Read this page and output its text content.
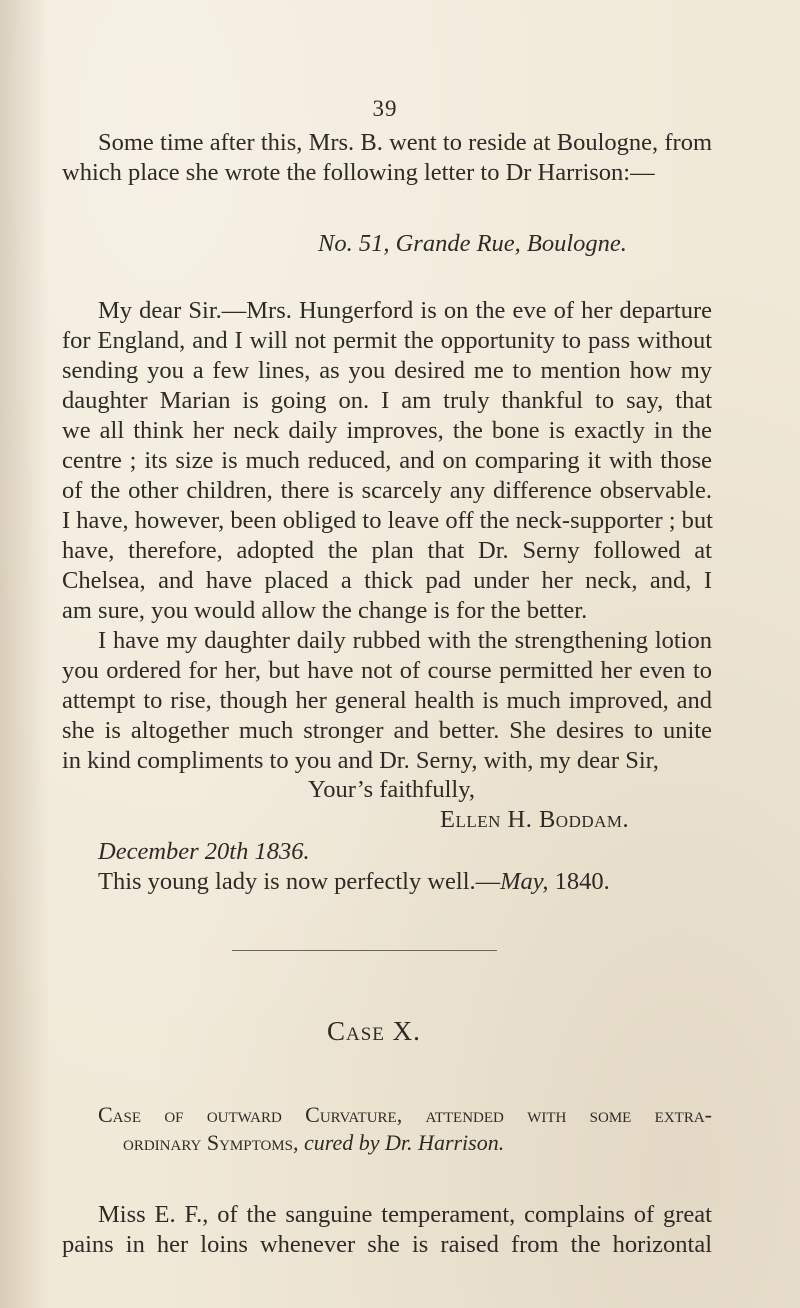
39
Some time after this, Mrs. B. went to reside at Boulogne, from
which place she wrote the following letter to Dr Harrison:—
No. 51, Grande Rue, Boulogne.
My dear Sir.—Mrs. Hungerford is on the eve of her departure
for England, and I will not permit the opportunity to pass without
sending you a few lines, as you desired me to mention how my
daughter Marian is going on. I am truly thankful to say, that
we all think her neck daily improves, the bone is exactly in the
centre ; its size is much reduced, and on comparing it with those
of the other children, there is scarcely any difference observable.
I have, however, been obliged to leave off the neck-supporter ; but
have, therefore, adopted the plan that Dr. Serny followed at
Chelsea, and have placed a thick pad under her neck, and, I
am sure, you would allow the change is for the better.
I have my daughter daily rubbed with the strengthening lotion
you ordered for her, but have not of course permitted her even to
attempt to rise, though her general health is much improved, and
she is altogether much stronger and better. She desires to unite
in kind compliments to you and Dr. Serny, with, my dear Sir,
Your’s faithfully,
Ellen H. Boddam.
December 20th 1836.
This young lady is now perfectly well.—May, 1840.
Case X.
Case of outward Curvature, attended with some extra-
ordinary Symptoms, cured by Dr. Harrison.
Miss E. F., of the sanguine temperament, complains of great
pains in her loins whenever she is raised from the horizontal
